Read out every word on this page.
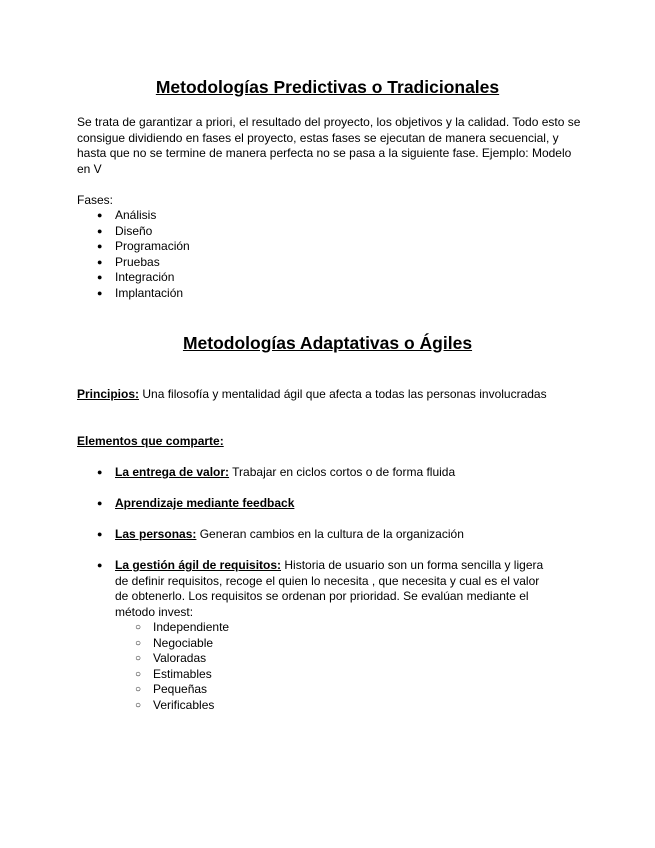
Metodologías Predictivas o Tradicionales

Se trata de garantizar a priori, el resultado del proyecto, los objetivos y la calidad. Todo esto se consigue dividiendo en fases el proyecto, estas fases se ejecutan de manera secuencial, y hasta que no se termine de manera perfecta no se pasa a la siguiente fase. Ejemplo: Modelo en V

Fases:

● Análisis
● Diseño
● Programación
● Pruebas
● Integración
● Implantación
Metodologías Adaptativas o Ágiles

Principios: Una filosofía y mentalidad ágil que afecta a todas las personas involucradas

Elementos que comparte:

● La entrega de valor: Trabajar en ciclos cortos o de forma fluida
● Aprendizaje mediante feedback
● Las personas: Generan cambios en la cultura de la organización
● La gestión ágil de requisitos: Historia de usuario son un forma sencilla y ligera de definir requisitos, recoge el quien lo necesita , que necesita y cual es el valor de obtenerlo. Los requisitos se ordenan por prioridad. Se evalúan mediante el método invest:
○ Independiente
○ Negociable
○ Valoradas
○ Estimables
○ Pequeñas
○ Verificables
